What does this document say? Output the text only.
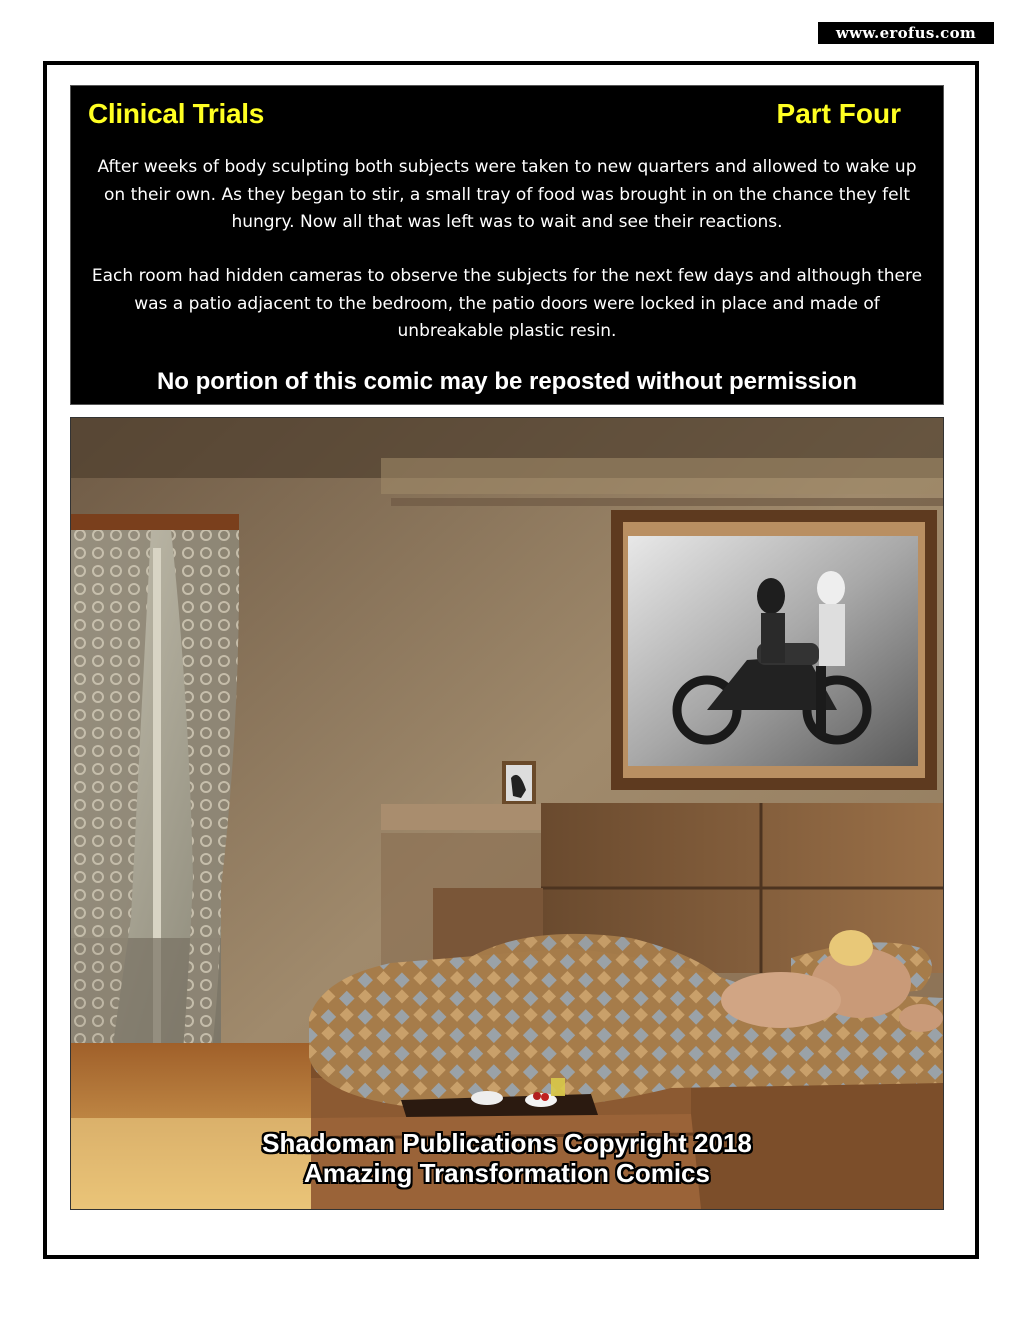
www.erofus.com
Clinical Trials	Part Four
After weeks of body sculpting both subjects were taken to new quarters and allowed to wake up on their own. As they began to stir, a small tray of food was brought in on the chance they felt hungry. Now all that was left was to wait and see their reactions.
Each room had hidden cameras to observe the subjects for the next few days and although there was a patio adjacent to the bedroom, the patio doors were locked in place and made of unbreakable plastic resin.
No portion of this comic may be reposted without permission
Shadoman Publications Copyright 2018
Amazing Transformation Comics
